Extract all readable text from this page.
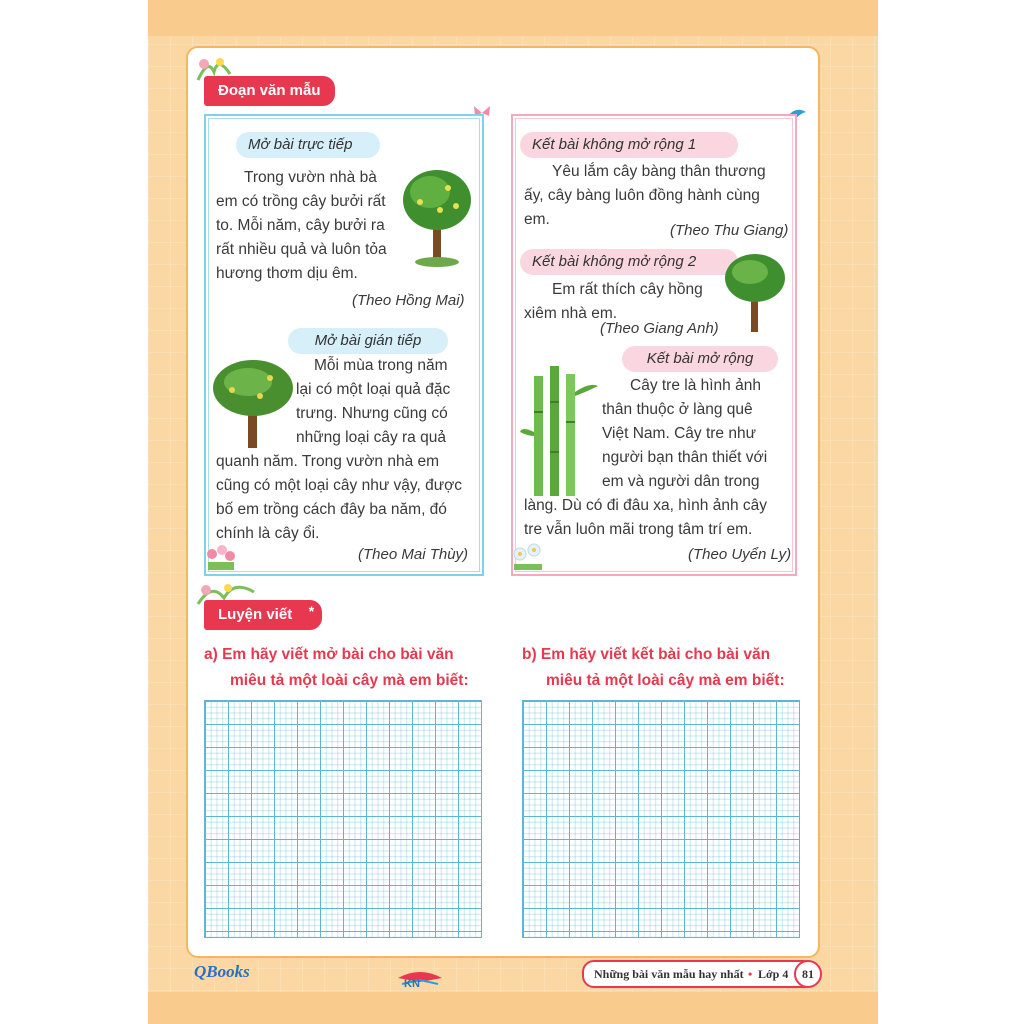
Đoạn văn mẫu
Mở bài trực tiếp
Trong vườn nhà bà
em có trồng cây bưởi rất
to. Mỗi năm, cây bưởi ra
rất nhiều quả và luôn tỏa
hương thơm dịu êm.
(Theo Hồng Mai)
Mở bài gián tiếp
Mỗi mùa trong năm
lại có một loại quả đặc
trưng. Nhưng cũng có
những loại cây ra quả
quanh năm. Trong vườn nhà em
cũng có một loại cây như vậy, được
bố em trồng cách đây ba năm, đó
chính là cây ổi.
(Theo Mai Thùy)
Kết bài không mở rộng 1
Yêu lắm cây bàng thân thương
ấy, cây bàng luôn đồng hành cùng
em.
(Theo Thu Giang)
Kết bài không mở rộng 2
Em rất thích cây hồng
xiêm nhà em.
(Theo Giang Anh)
Kết bài mở rộng
Cây tre là hình ảnh
thân thuộc ở làng quê
Việt Nam. Cây tre như
người bạn thân thiết với
em và người dân trong
làng. Dù có đi đâu xa, hình ảnh cây
tre vẫn luôn mãi trong tâm trí em.
(Theo Uyển Ly)
Luyện viết *
a) Em hãy viết mở bài cho bài văn
miêu tả một loài cây mà em biết:
b) Em hãy viết kết bài cho bài văn
miêu tả một loài cây mà em biết:
QBooks
KN
Những bài văn mẫu hay nhất • Lớp 4	81
